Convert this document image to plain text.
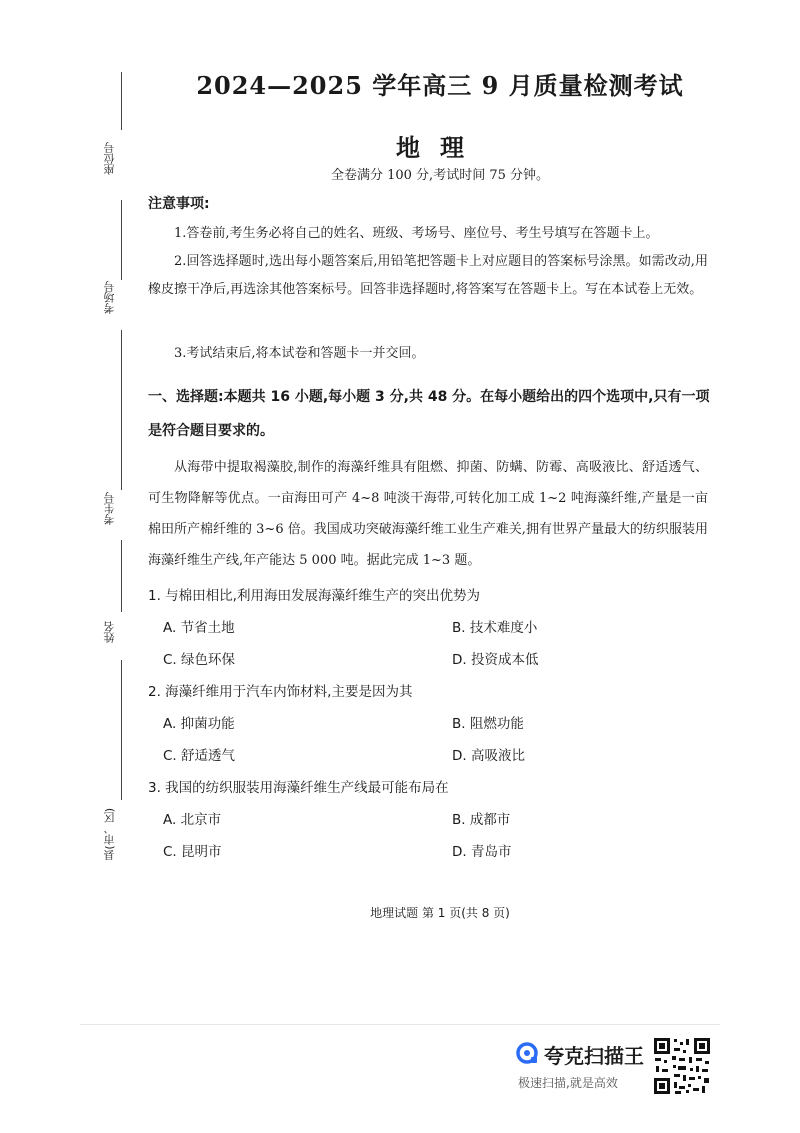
座位号
考场号
考生号
姓名
县(市、区)
2024—2025 学年高三 9 月质量检测考试
地理
全卷满分 100 分,考试时间 75 分钟。
注意事项:
1.答卷前,考生务必将自己的姓名、班级、考场号、座位号、考生号填写在答题卡上。
2.回答选择题时,选出每小题答案后,用铅笔把答题卡上对应题目的答案标号涂黑。如需改动,用橡皮擦干净后,再选涂其他答案标号。回答非选择题时,将答案写在答题卡上。写在本试卷上无效。
3.考试结束后,将本试卷和答题卡一并交回。
一、选择题:本题共 16 小题,每小题 3 分,共 48 分。在每小题给出的四个选项中,只有一项是符合题目要求的。
从海带中提取褐藻胶,制作的海藻纤维具有阻燃、抑菌、防螨、防霉、高吸液比、舒适透气、可生物降解等优点。一亩海田可产 4~8 吨淡干海带,可转化加工成 1~2 吨海藻纤维,产量是一亩棉田所产棉纤维的 3~6 倍。我国成功突破海藻纤维工业生产难关,拥有世界产量最大的纺织服装用海藻纤维生产线,年产能达 5 000 吨。据此完成 1~3 题。
1. 与棉田相比,利用海田发展海藻纤维生产的突出优势为
A. 节省土地	B. 技术难度小
C. 绿色环保	D. 投资成本低
2. 海藻纤维用于汽车内饰材料,主要是因为其
A. 抑菌功能	B. 阻燃功能
C. 舒适透气	D. 高吸液比
3. 我国的纺织服装用海藻纤维生产线最可能布局在
A. 北京市	B. 成都市
C. 昆明市	D. 青岛市
地理试题 第 1 页(共 8 页)
夸克扫描王
极速扫描,就是高效
